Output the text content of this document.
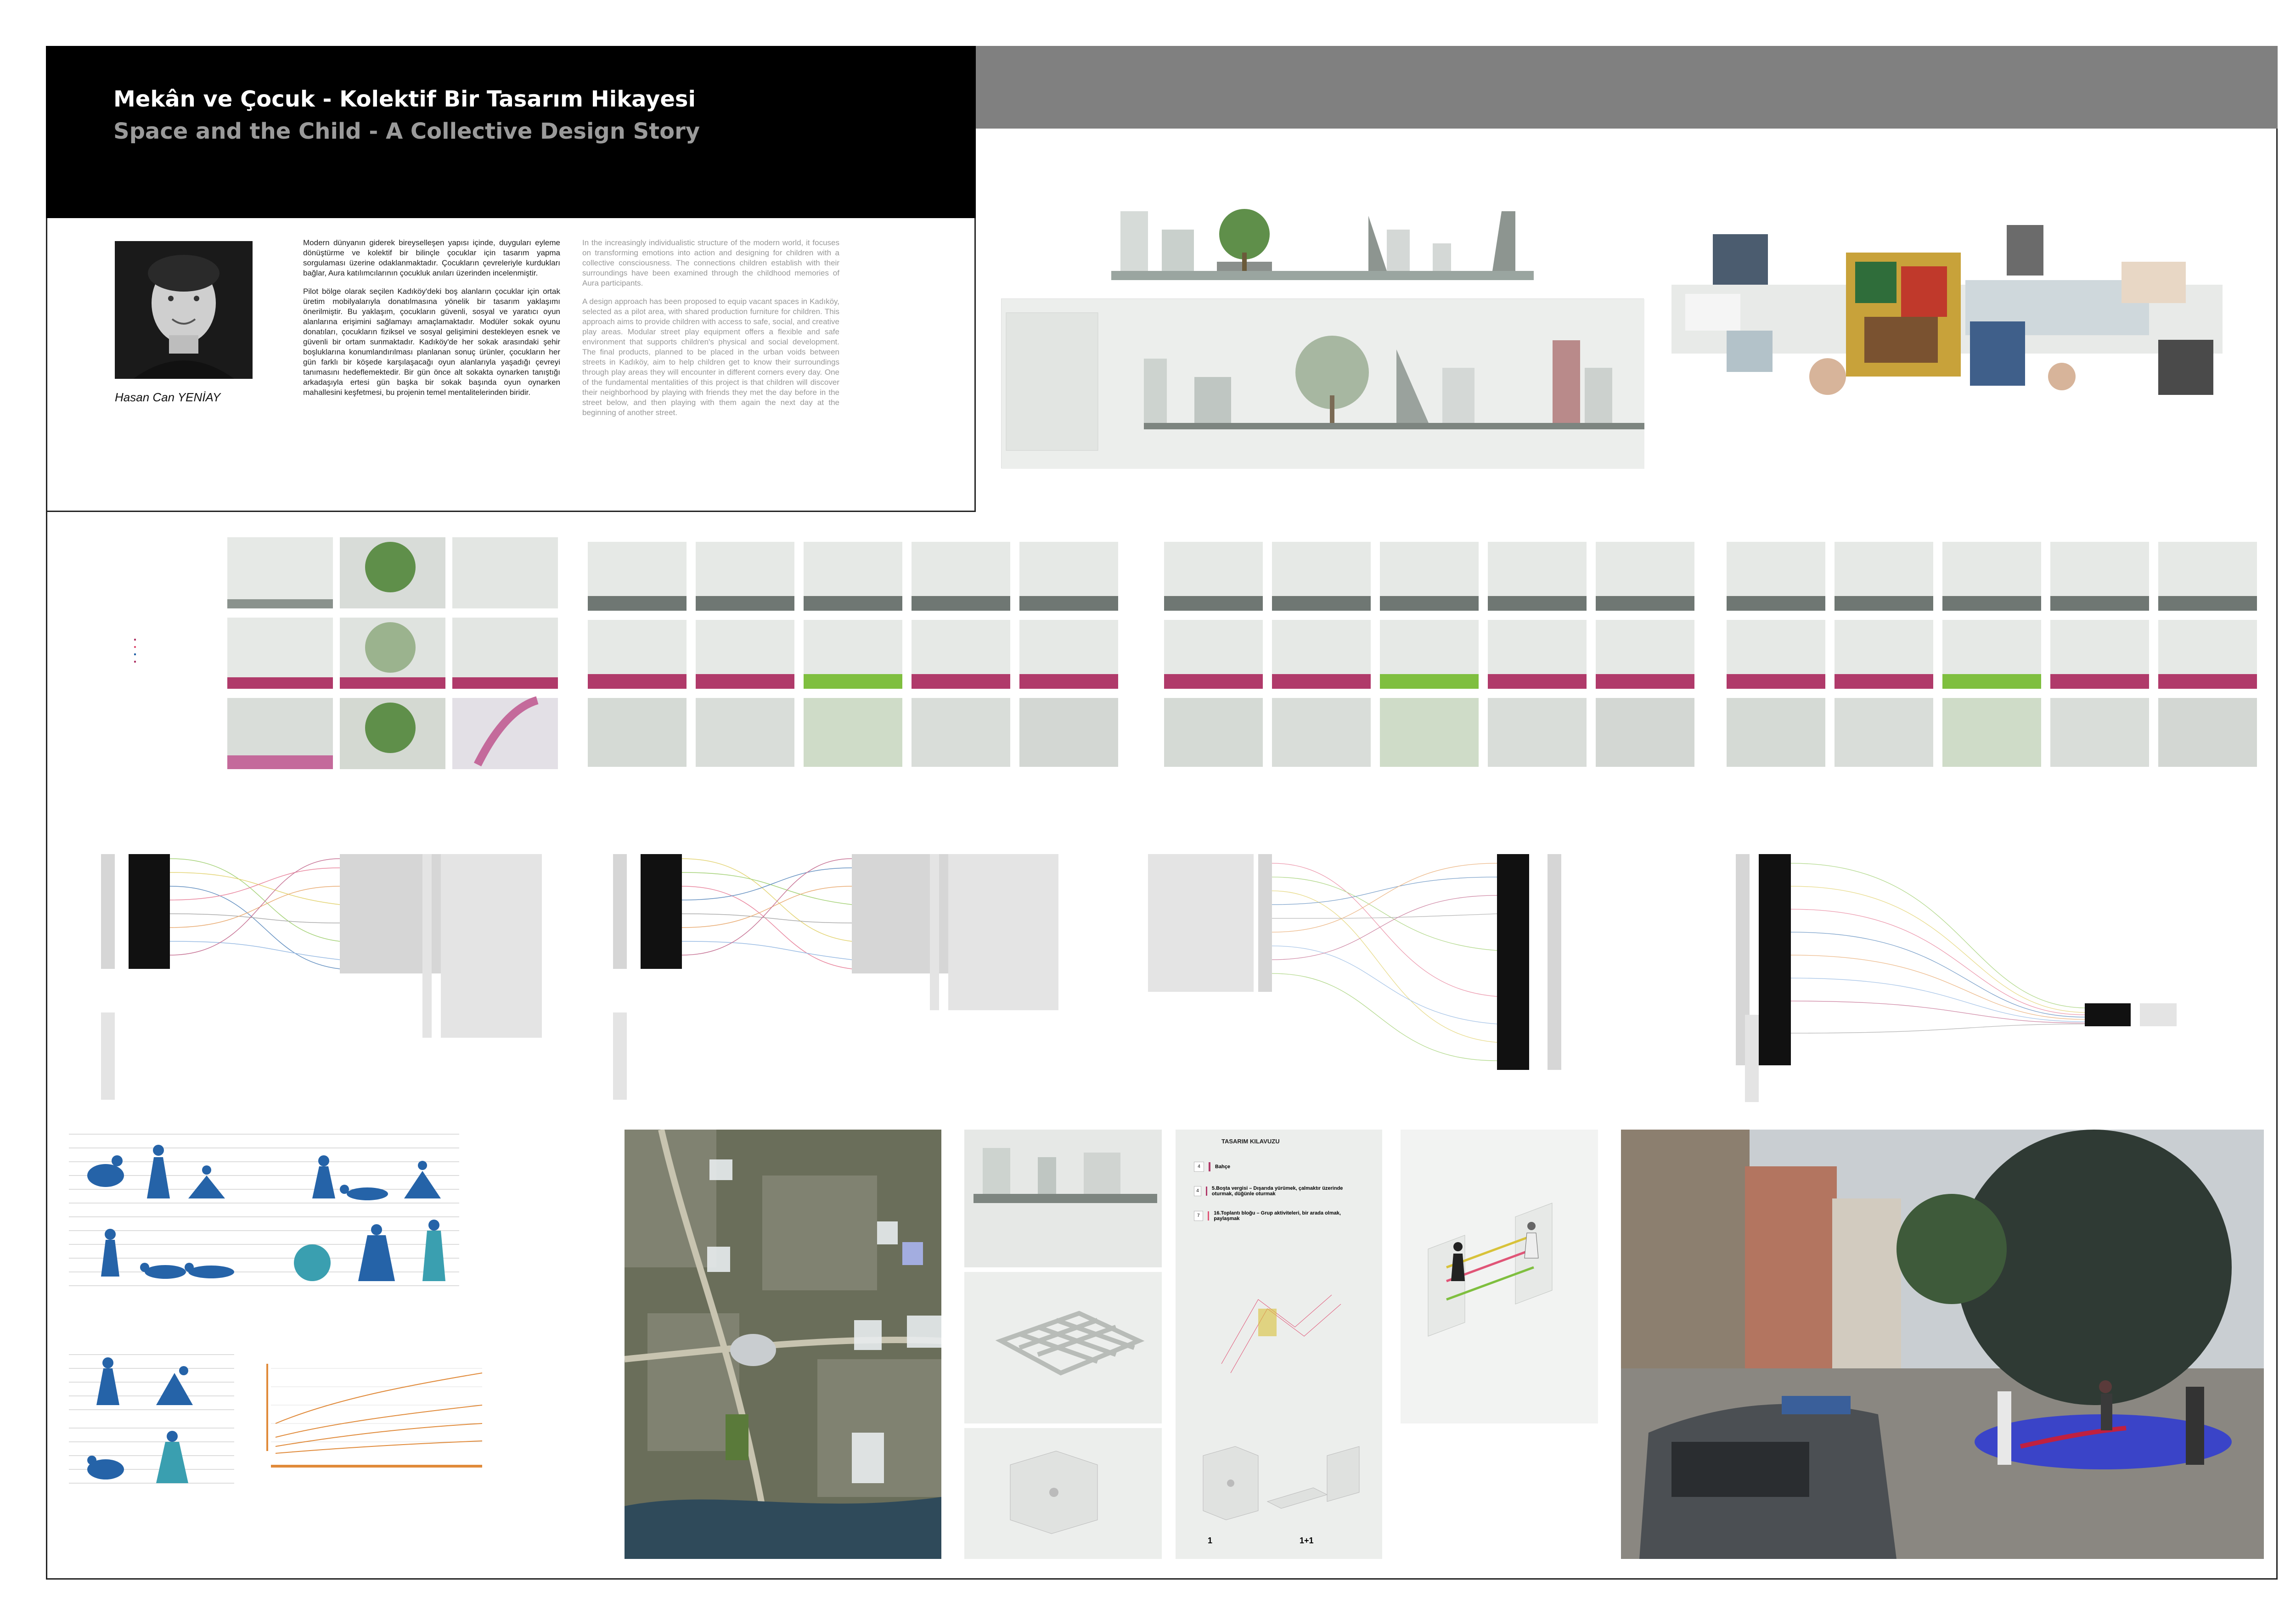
Mekân ve Çocuk - Kolektif Bir Tasarım Hikayesi
Space and the Child - A Collective Design Story
Hasan Can YENİAY

Modern dünyanın giderek bireyselleşen yapısı içinde, duyguları eyleme dönüştürme ve kolektif bir bilinçle çocuklar için tasarım yapma sorgulaması üzerine odaklanmaktadır. Çocukların çevreleriyle kurdukları bağlar, Aura katılımcılarının çocukluk anıları üzerinden incelenmiştir.

Pilot bölge olarak seçilen Kadıköy'deki boş alanların çocuklar için ortak üretim mobilyalarıyla donatılmasına yönelik bir tasarım yaklaşımı önerilmiştir. Bu yaklaşım, çocukların güvenli, sosyal ve yaratıcı oyun alanlarına erişimini sağlamayı amaçlamaktadır. Modüler sokak oyunu donatıları, çocukların fiziksel ve sosyal gelişimini destekleyen esnek ve güvenli bir ortam sunmaktadır. Kadıköy'de her sokak arasındaki şehir boşluklarına konumlandırılması planlanan sonuç ürünler, çocukların her gün farklı bir köşede karşılaşacağı oyun alanlarıyla yaşadığı çevreyi tanımasını hedeflemektedir. Bir gün önce alt sokakta oynarken tanıştığı arkadaşıyla ertesi gün başka bir sokak başında oyun oynarken mahallesini keşfetmesi, bu projenin temel mentalitelerinden biridir.

In the increasingly individualistic structure of the modern world, it focuses on transforming emotions into action and designing for children with a collective consciousness. The connections children establish with their surroundings have been examined through the childhood memories of Aura participants.

A design approach has been proposed to equip vacant spaces in Kadıköy, selected as a pilot area, with shared production furniture for children. This approach aims to provide children with access to safe, social, and creative play areas. Modular street play equipment offers a flexible and safe environment that supports children's physical and social development. The final products, planned to be placed in the urban voids between streets in Kadıköy, aim to help children get to know their surroundings through play areas they will encounter in different corners every day. One of the fundamental mentalities of this project is that children will discover their neighborhood by playing with friends they met the day before in the street below, and then playing with them again the next day at the beginning of another street.

TASARIM KILAVUZU
4	Bahçe
4	5.Boşta vergisi – Dışarıda yürümek, çalmaktır üzerinde oturmak, düğünle oturmak
7	16.Toplantı bloğu – Grup aktiviteleri, bir arada olmak, paylaşmak
1	1+1
